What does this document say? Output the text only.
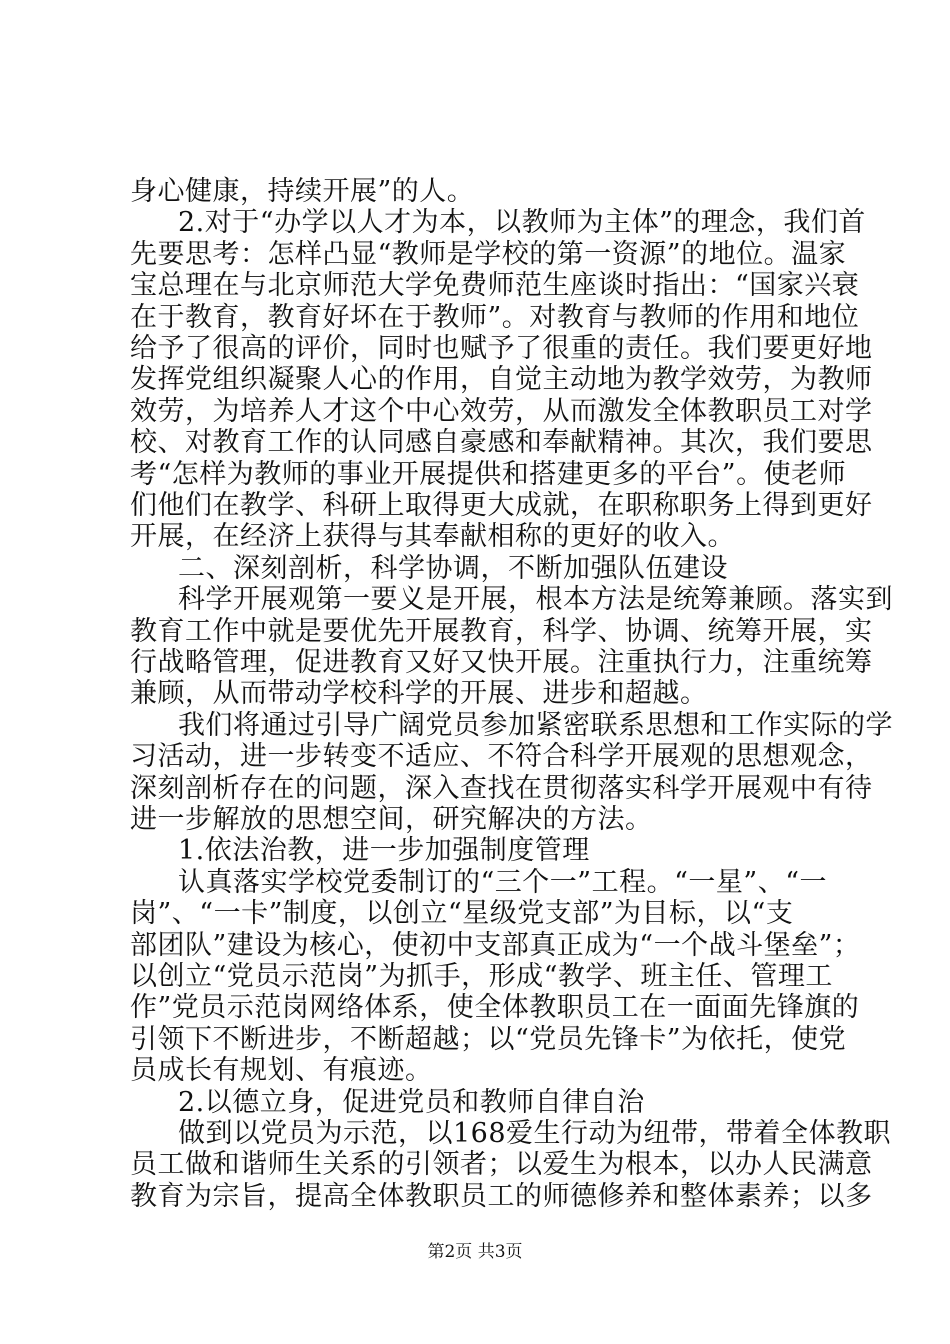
身心健康，持续开展”的人。
2.对于“办学以人才为本，以教师为主体”的理念，我们首
先要思考：怎样凸显“教师是学校的第一资源”的地位。温家
宝总理在与北京师范大学免费师范生座谈时指出：“国家兴衰
在于教育，教育好坏在于教师”。对教育与教师的作用和地位
给予了很高的评价，同时也赋予了很重的责任。我们要更好地
发挥党组织凝聚人心的作用，自觉主动地为教学效劳，为教师
效劳，为培养人才这个中心效劳，从而激发全体教职员工对学
校、对教育工作的认同感自豪感和奉献精神。其次，我们要思
考“怎样为教师的事业开展提供和搭建更多的平台”。使老师
们他们在教学、科研上取得更大成就，在职称职务上得到更好
开展，在经济上获得与其奉献相称的更好的收入。
二、深刻剖析，科学协调，不断加强队伍建设
科学开展观第一要义是开展，根本方法是统筹兼顾。落实到
教育工作中就是要优先开展教育，科学、协调、统筹开展，实
行战略管理，促进教育又好又快开展。注重执行力，注重统筹
兼顾，从而带动学校科学的开展、进步和超越。
我们将通过引导广阔党员参加紧密联系思想和工作实际的学
习活动，进一步转变不适应、不符合科学开展观的思想观念，
深刻剖析存在的问题，深入查找在贯彻落实科学开展观中有待
进一步解放的思想空间，研究解决的方法。
1.依法治教，进一步加强制度管理
认真落实学校党委制订的“三个一”工程。“一星”、“一
岗”、“一卡”制度，以创立“星级党支部”为目标，以“支
部团队”建设为核心，使初中支部真正成为“一个战斗堡垒”；
以创立“党员示范岗”为抓手，形成“教学、班主任、管理工
作”党员示范岗网络体系，使全体教职员工在一面面先锋旗的
引领下不断进步，不断超越；以“党员先锋卡”为依托，使党
员成长有规划、有痕迹。
2.以德立身，促进党员和教师自律自治
做到以党员为示范，以168爱生行动为纽带，带着全体教职
员工做和谐师生关系的引领者；以爱生为根本，以办人民满意
教育为宗旨，提高全体教职员工的师德修养和整体素养；以多
第2页 共3页
